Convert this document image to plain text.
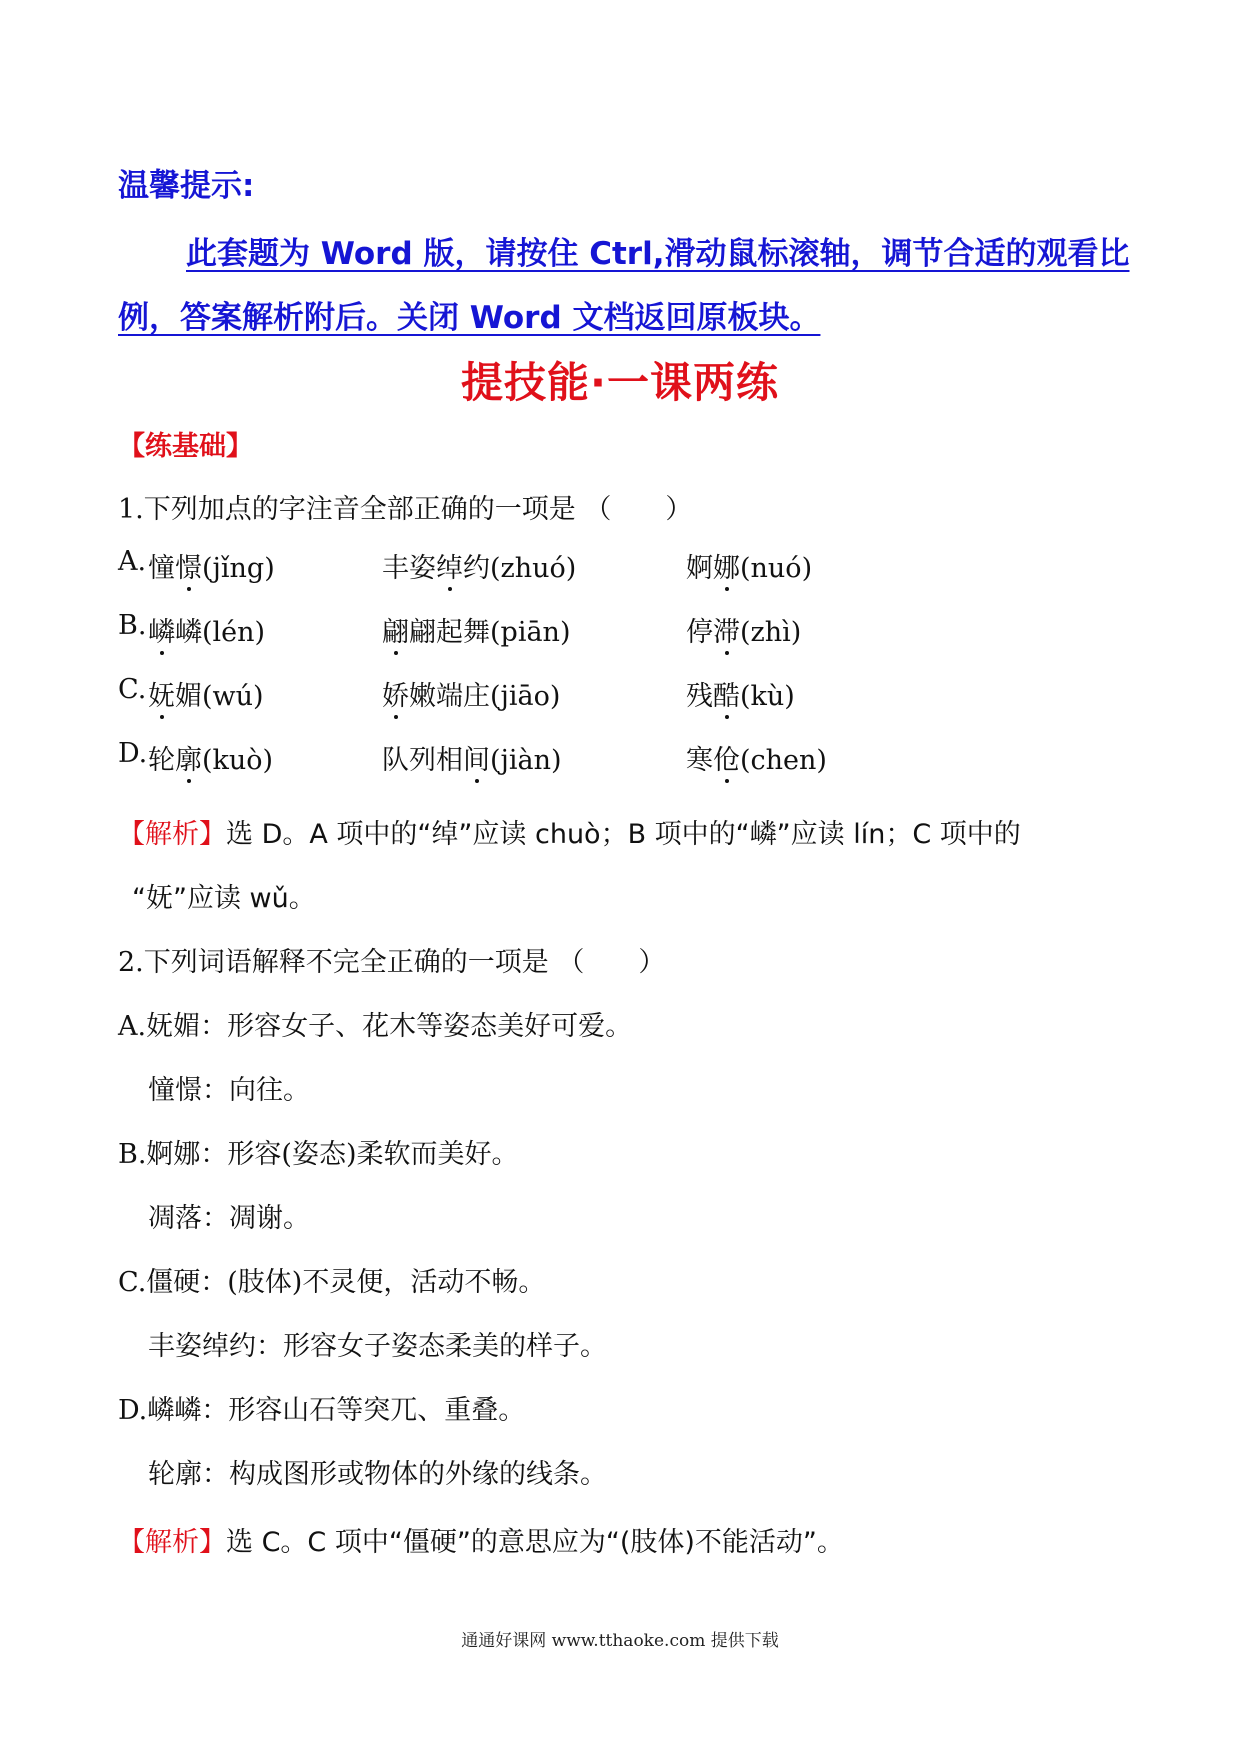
温馨提示:
此套题为 Word 版，请按住 Ctrl,滑动鼠标滚轴，调节合适的观看比例，答案解析附后。关闭 Word 文档返回原板块。
提技能·一课两练
【练基础】
1.下列加点的字注音全部正确的一项是 （　　）
A. 憧憬(jǐng)	丰姿绰约(zhuó)	婀娜(nuó)
B. 嶙嶙(lén)	翩翩起舞(piān)	停滞(zhì)
C. 妩媚(wú)	娇嫩端庄(jiāo)	残酷(kù)
D. 轮廓(kuò)	队列相间(jiàn)	寒伧(chen)
【解析】选 D。A 项中的“绰”应读 chuò；B 项中的“嶙”应读 lín；C 项中的
“妩”应读 wǔ。
2.下列词语解释不完全正确的一项是 （　　）
A.妩媚：形容女子、花木等姿态美好可爱。
憧憬：向往。
B.婀娜：形容(姿态)柔软而美好。
凋落：凋谢。
C.僵硬：(肢体)不灵便，活动不畅。
丰姿绰约：形容女子姿态柔美的样子。
D.嶙嶙：形容山石等突兀、重叠。
轮廓：构成图形或物体的外缘的线条。
【解析】选 C。C 项中“僵硬”的意思应为“(肢体)不能活动”。
通通好课网 www.tthaoke.com 提供下载
